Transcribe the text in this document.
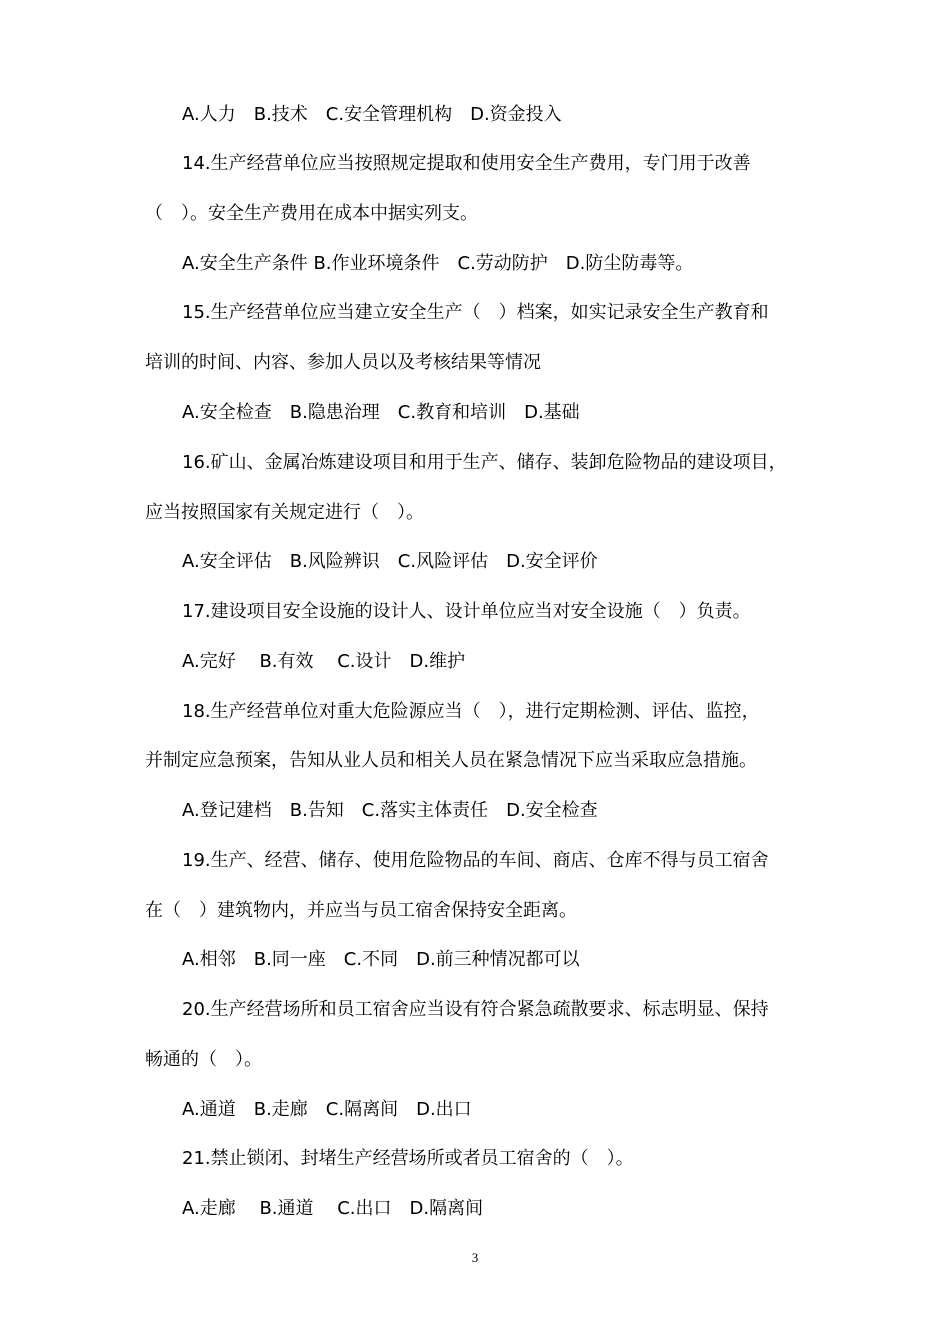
A.人力　B.技术　C.安全管理机构　D.资金投入
14.生产经营单位应当按照规定提取和使用安全生产费用，专门用于改善
（　）。安全生产费用在成本中据实列支。
A.安全生产条件 B.作业环境条件　C.劳动防护　D.防尘防毒等。
15.生产经营单位应当建立安全生产（　）档案，如实记录安全生产教育和
培训的时间、内容、参加人员以及考核结果等情况
A.安全检查　B.隐患治理　C.教育和培训　D.基础
16.矿山、金属冶炼建设项目和用于生产、储存、装卸危险物品的建设项目，
应当按照国家有关规定进行（　）。
A.安全评估　B.风险辨识　C.风险评估　D.安全评价
17.建设项目安全设施的设计人、设计单位应当对安全设施（　）负责。
A.完好　 B.有效　 C.设计　D.维护
18.生产经营单位对重大危险源应当（　），进行定期检测、评估、监控，
并制定应急预案，告知从业人员和相关人员在紧急情况下应当采取应急措施。
A.登记建档　B.告知　C.落实主体责任　D.安全检查
19.生产、经营、储存、使用危险物品的车间、商店、仓库不得与员工宿舍
在（　）建筑物内，并应当与员工宿舍保持安全距离。
A.相邻　B.同一座　C.不同　D.前三种情况都可以
20.生产经营场所和员工宿舍应当设有符合紧急疏散要求、标志明显、保持
畅通的（　）。
A.通道　B.走廊　C.隔离间　D.出口
21.禁止锁闭、封堵生产经营场所或者员工宿舍的（　）。
A.走廊　 B.通道　 C.出口　D.隔离间
3
